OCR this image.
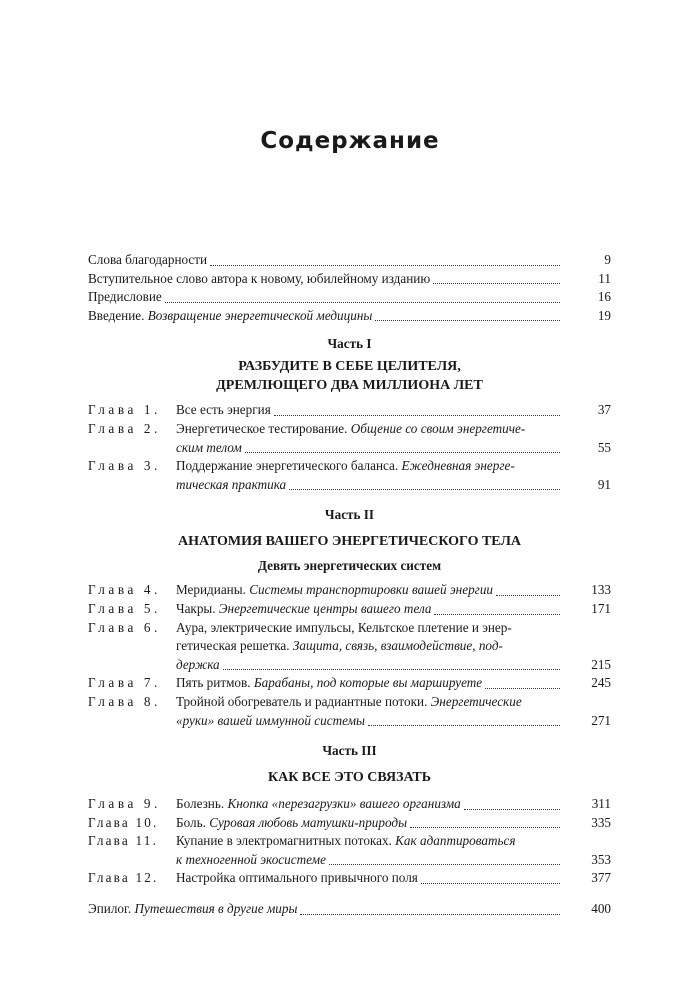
Содержание
Слова благодарности	9
Вступительное слово автора к новому, юбилейному изданию	11
Предисловие	16
Введение. Возвращение энергетической медицины	19
Часть I
РАЗБУДИТЕ В СЕБЕ ЦЕЛИТЕЛЯ,
ДРЕМЛЮЩЕГО ДВА МИЛЛИОНА ЛЕТ
Глава 1.	Все есть энергия	37
Глава 2.	Энергетическое тестирование. Общение со своим энергетиче-
ским телом	55
Глава 3.	Поддержание энергетического баланса. Ежедневная энерге-
тическая практика	91
Часть II
АНАТОМИЯ ВАШЕГО ЭНЕРГЕТИЧЕСКОГО ТЕЛА
Девять энергетических систем
Глава 4.	Меридианы. Системы транспортировки вашей энергии	133
Глава 5.	Чакры. Энергетические центры вашего тела	171
Глава 6.	Аура, электрические импульсы, Кельтское плетение и энер-
гетическая решетка. Защита, связь, взаимодействие, под-
держка	215
Глава 7.	Пять ритмов. Барабаны, под которые вы маршируете	245
Глава 8.	Тройной обогреватель и радиантные потоки. Энергетические
«руки» вашей иммунной системы	271
Часть III
КАК ВСЕ ЭТО СВЯЗАТЬ
Глава 9.	Болезнь. Кнопка «перезагрузки» вашего организма	311
Глава 10.	Боль. Суровая любовь матушки-природы	335
Глава 11.	Купание в электромагнитных потоках. Как адаптироваться
к техногенной экосистеме	353
Глава 12.	Настройка оптимального привычного поля	377
Эпилог. Путешествия в другие миры	400
